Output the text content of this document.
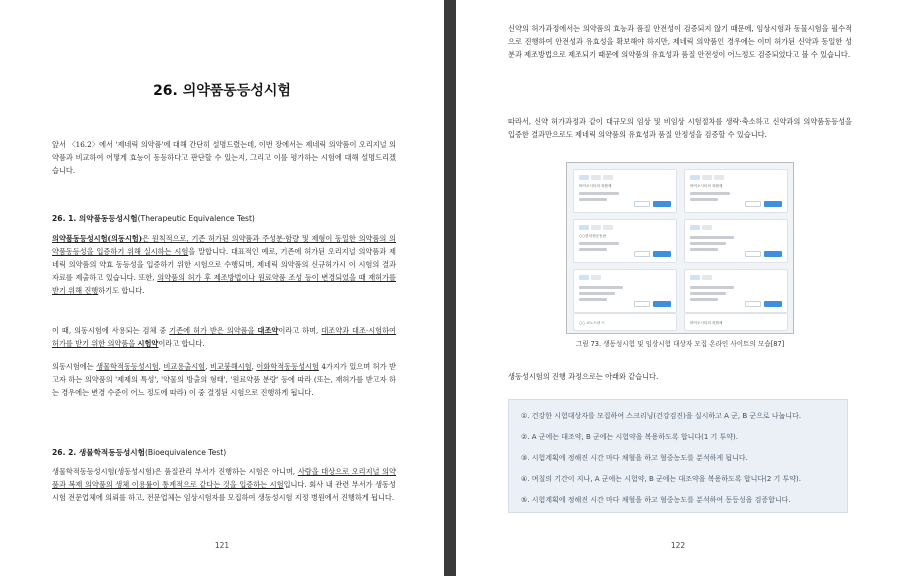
26. 의약품동등성시험

앞서 〈16.2〉에서 '제네릭 의약품'에 대해 간단히 설명드렸는데, 이번 장에서는 제네릭 의약품이 오리지널 의약품과 비교하여 어떻게 효능이 동등하다고 판단할 수 있는지, 그리고 이를 평가하는 시험에 대해 설명드리겠습니다.

26. 1. 의약품동등성시험(Therapeutic Equivalence Test)

의약품동등성시험(의동시험)은 원칙적으로, 기존 허가된 의약품과 주성분·함량 및 제형이 동일한 의약품의 의약품동등성을 입증하기 위해 실시하는 시험을 말합니다. 대표적인 예로, 기존에 허가된 오리지널 의약품과 제네릭 의약품의 약효 동등성을 입증하기 위한 시험으로 수행되며, 제네릭 의약품의 신규허가시 이 시험의 결과자료를 제출하고 있습니다. 또한, 의약품의 허가 후 제조방법이나 원료약품 조성 등이 변경되었을 때 재허가를 받기 위해 진행하기도 합니다.

이 때, 의동시험에 사용되는 검체 중 기존에 허가 받은 의약품을 대조약이라고 하며, 대조약과 대조·시험하여 허가를 받기 위한 의약품을 시험약이라고 합니다.

의동시험에는 생물학적동등성시험, 비교용출시험, 비교붕해시험, 이화학적동등성시험 4가지가 있으며 허가 받고자 하는 의약품의 '제제의 특성', '약물의 방출의 형태', '원료약품 분량' 등에 따라 (또는, 재허가를 받고자 하는 경우에는 변경 수준이 어느 정도에 따라) 이 중 결정된 시험으로 진행하게 됩니다.

26. 2. 생물학적동등성시험(Bioequivalence Test)

생물학적동등성시험(생동성시험)은 품질관리 부서가 진행하는 시험은 아니며, 사람을 대상으로 오리지널 의약품과 복제 의약품의 생체 이용률이 통계적으로 같다는 것을 입증하는 시험입니다. 회사 내 관련 부서가 생동성시험 전문업체에 의뢰를 하고, 전문업체는 임상시험자를 모집하여 생동성시험 지정 병원에서 진행하게 됩니다.

121

신약의 허가과정에서는 의약품의 효능과 품질 안전성이 검증되지 않기 때문에, 임상시험과 동물시험을 필수적으로 진행하여 안전성과 유효성을 확보해야 하지만, 제네릭 의약품인 경우에는 이미 허가된 신약과 동일한 성분과 제조방법으로 제조되기 때문에 의약품의 유효성과 품질 안전성이 어느정도 검증되었다고 볼 수 있습니다.

따라서, 신약 허가과정과 같이 대규모의 임상 및 비임상 시험절차를 생략·축소하고 신약과의 의약품동등성을 입증한 결과만으로도 제네릭 의약품의 유효성과 품질 안정성을 검증할 수 있습니다.

바이오시티의 복합제	바이오시티의 복합제
○○한의원공동판
○○ 코노드러 드	바이오시티의 복합제
그림 73. 생동성시험 및 임상시험 대상자 모집 온라인 사이트의 모습[87]

생동성시험의 진행 과정으로는 아래와 같습니다.

①. 건강한 시험대상자를 모집하여 스크리닝(건강검진)을 실시하고 A 군, B 군으로 나눕니다.
②. A 군에는 대조약, B 군에는 시험약을 복용하도록 합니다(1 기 투약).
③. 시험계획에 정해진 시간 마다 채혈을 하고 혈중농도를 분석하게 됩니다.
④. 며칠의 기간이 지나, A 군에는 시험약, B 군에는 대조약을 복용하도록 합니다(2 기 투약).
⑤. 시험계획에 정해진 시간 마다 채혈을 하고 혈중농도를 분석하여 동등성을 검증합니다.
122
